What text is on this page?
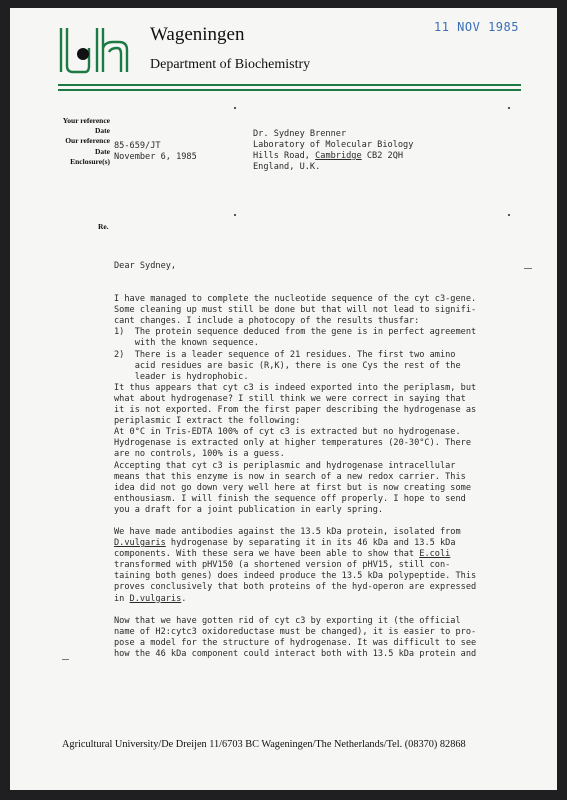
11 NOV 1985
Wageningen
Department of Biochemistry
Your reference
Date
Our reference
Date
Enclosure(s)
85-659/JT
November 6, 1985
Dr. Sydney Brenner
Laboratory of Molecular Biology
Hills Road, Cambridge CB2 2QH
England, U.K.
Re.
Dear Sydney,
I have managed to complete the nucleotide sequence of the cyt c3-gene.
Some cleaning up must still be done but that will not lead to signifi-
cant changes. I include a photocopy of the results thusfar:
1)  The protein sequence deduced from the gene is in perfect agreement
with the known sequence.
2)  There is a leader sequence of 21 residues. The first two amino
acid residues are basic (R,K), there is one Cys the rest of the
leader is hydrophobic.
It thus appears that cyt c3 is indeed exported into the periplasm, but
what about hydrogenase? I still think we were correct in saying that
it is not exported. From the first paper describing the hydrogenase as
periplasmic I extract the following:
At 0°C in Tris-EDTA 100% of cyt c3 is extracted but no hydrogenase.
Hydrogenase is extracted only at higher temperatures (20-30°C). There
are no controls, 100% is a guess.
Accepting that cyt c3 is periplasmic and hydrogenase intracellular
means that this enzyme is now in search of a new redox carrier. This
idea did not go down very well here at first but is now creating some
enthousiasm. I will finish the sequence off properly. I hope to send
you a draft for a joint publication in early spring.
We have made antibodies against the 13.5 kDa protein, isolated from
D.vulgaris hydrogenase by separating it in its 46 kDa and 13.5 kDa
components. With these sera we have been able to show that E.coli
transformed with pHV150 (a shortened version of pHV15, still con-
taining both genes) does indeed produce the 13.5 kDa polypeptide. This
proves conclusively that both proteins of the hyd-operon are expressed
in D.vulgaris.
Now that we have gotten rid of cyt c3 by exporting it (the official
name of H2:cytc3 oxidoreductase must be changed), it is easier to pro-
pose a model for the structure of hydrogenase. It was difficult to see
how the 46 kDa component could interact both with 13.5 kDa protein and
Agricultural University/De Dreijen 11/6703 BC Wageningen/The Netherlands/Tel. (08370) 82868
